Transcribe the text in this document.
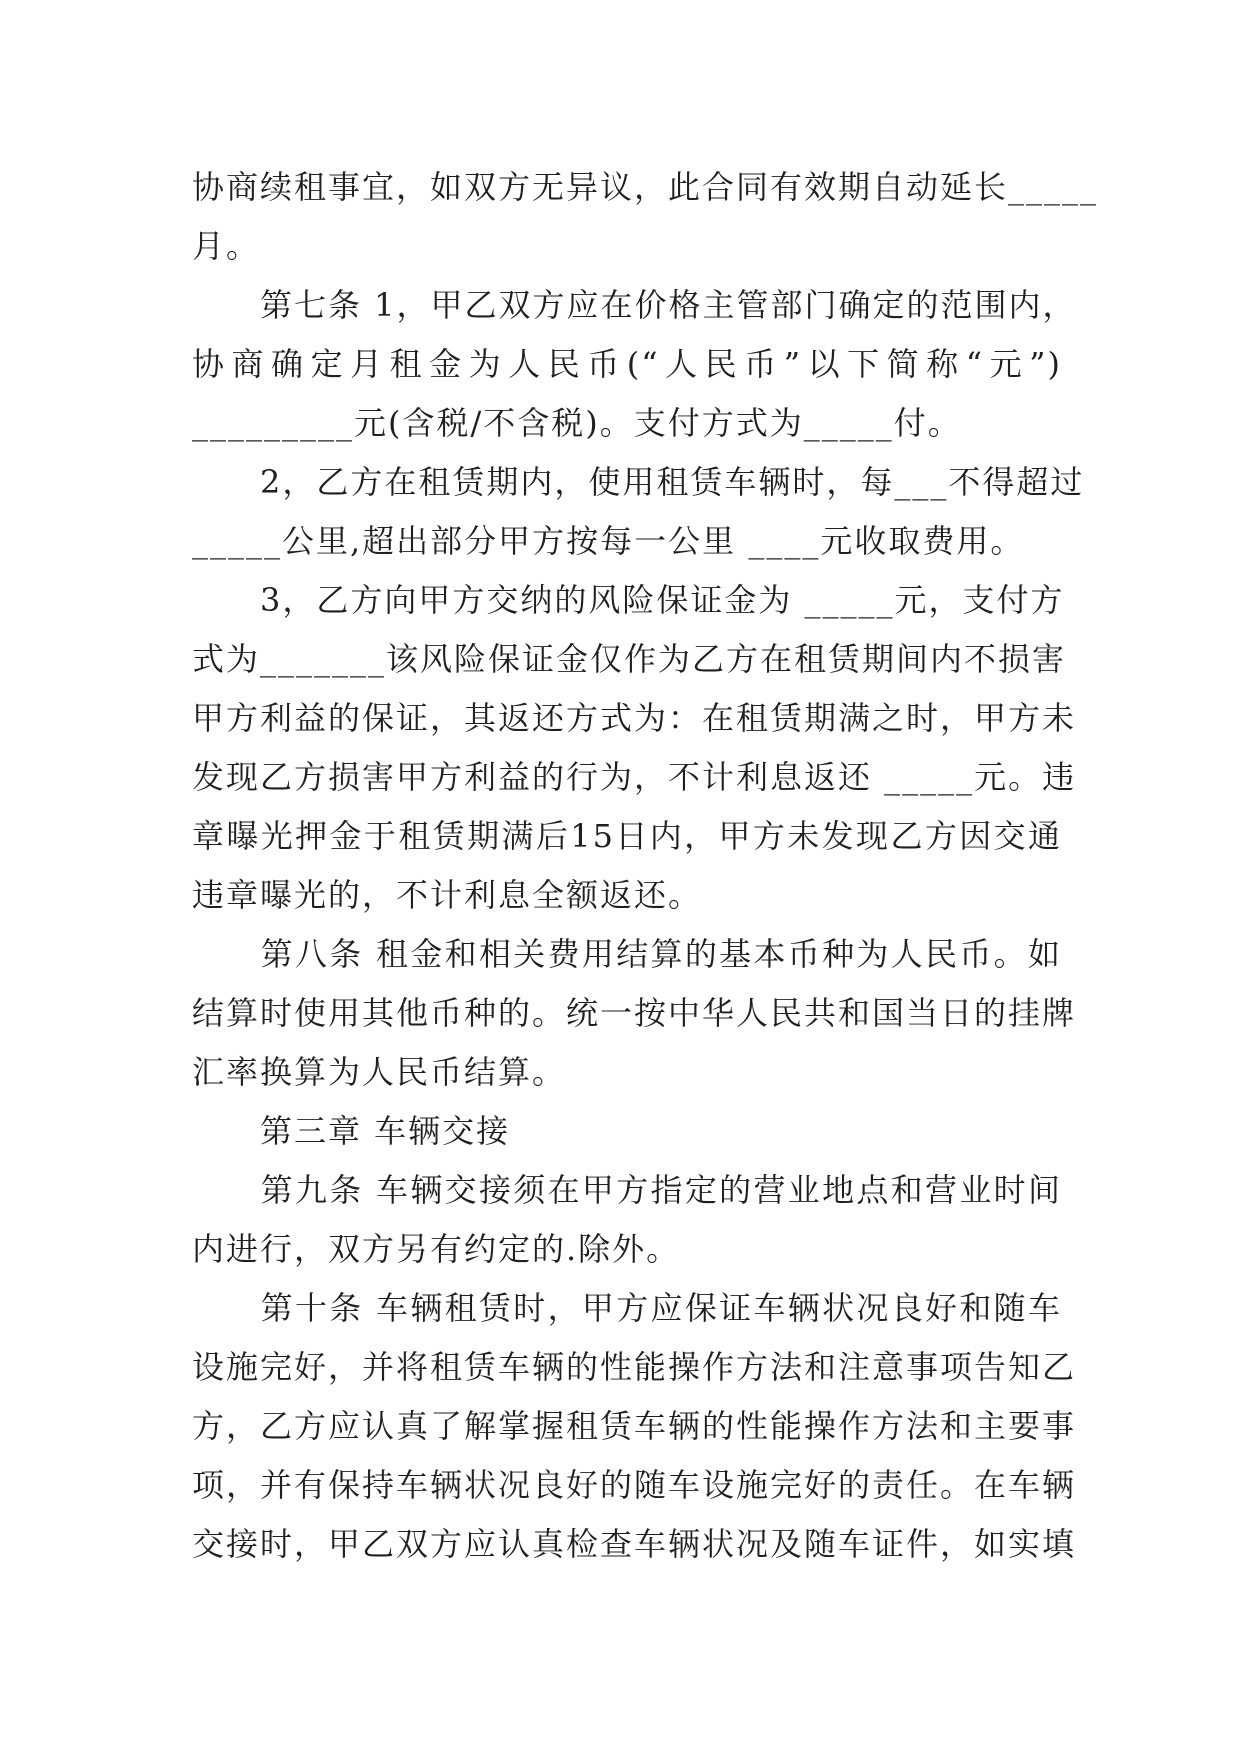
协商续租事宜，如双方无异议，此合同有效期自动延长_____
月。
　　第七条 1，甲乙双方应在价格主管部门确定的范围内，
协商确定月租金为人民币(“人民币”以下简称“元”)
_________元(含税/不含税)。支付方式为_____付。
　　2，乙方在租赁期内，使用租赁车辆时，每___不得超过
_____公里,超出部分甲方按每一公里 ____元收取费用。
　　3，乙方向甲方交纳的风险保证金为 _____元，支付方
式为_______该风险保证金仅作为乙方在租赁期间内不损害
甲方利益的保证，其返还方式为：在租赁期满之时，甲方未
发现乙方损害甲方利益的行为，不计利息返还 _____元。违
章曝光押金于租赁期满后15日内，甲方未发现乙方因交通
违章曝光的，不计利息全额返还。
　　第八条 租金和相关费用结算的基本币种为人民币。如
结算时使用其他币种的。统一按中华人民共和国当日的挂牌
汇率换算为人民币结算。
　　第三章 车辆交接
　　第九条 车辆交接须在甲方指定的营业地点和营业时间
内进行，双方另有约定的.除外。
　　第十条 车辆租赁时，甲方应保证车辆状况良好和随车
设施完好，并将租赁车辆的性能操作方法和注意事项告知乙
方，乙方应认真了解掌握租赁车辆的性能操作方法和主要事
项，并有保持车辆状况良好的随车设施完好的责任。在车辆
交接时，甲乙双方应认真检查车辆状况及随车证件，如实填
